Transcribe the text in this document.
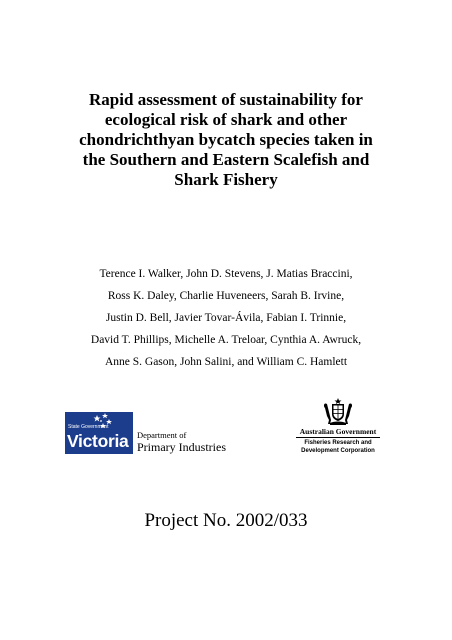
Rapid assessment of sustainability for
ecological risk of shark and other
chondrichthyan bycatch species taken in
the Southern and Eastern Scalefish and
Shark Fishery
Terence I. Walker, John D. Stevens, J. Matias Braccini,
Ross K. Daley, Charlie Huveneers, Sarah B. Irvine,
Justin D. Bell, Javier Tovar-Ávila, Fabian I. Trinnie,
David T. Phillips, Michelle A. Treloar, Cynthia A. Awruck,
Anne S. Gason, John Salini, and William C. Hamlett
State Government
Victoria Department of
Primary Industries
Australian Government
Fisheries Research and
Development Corporation
Project No. 2002/033
